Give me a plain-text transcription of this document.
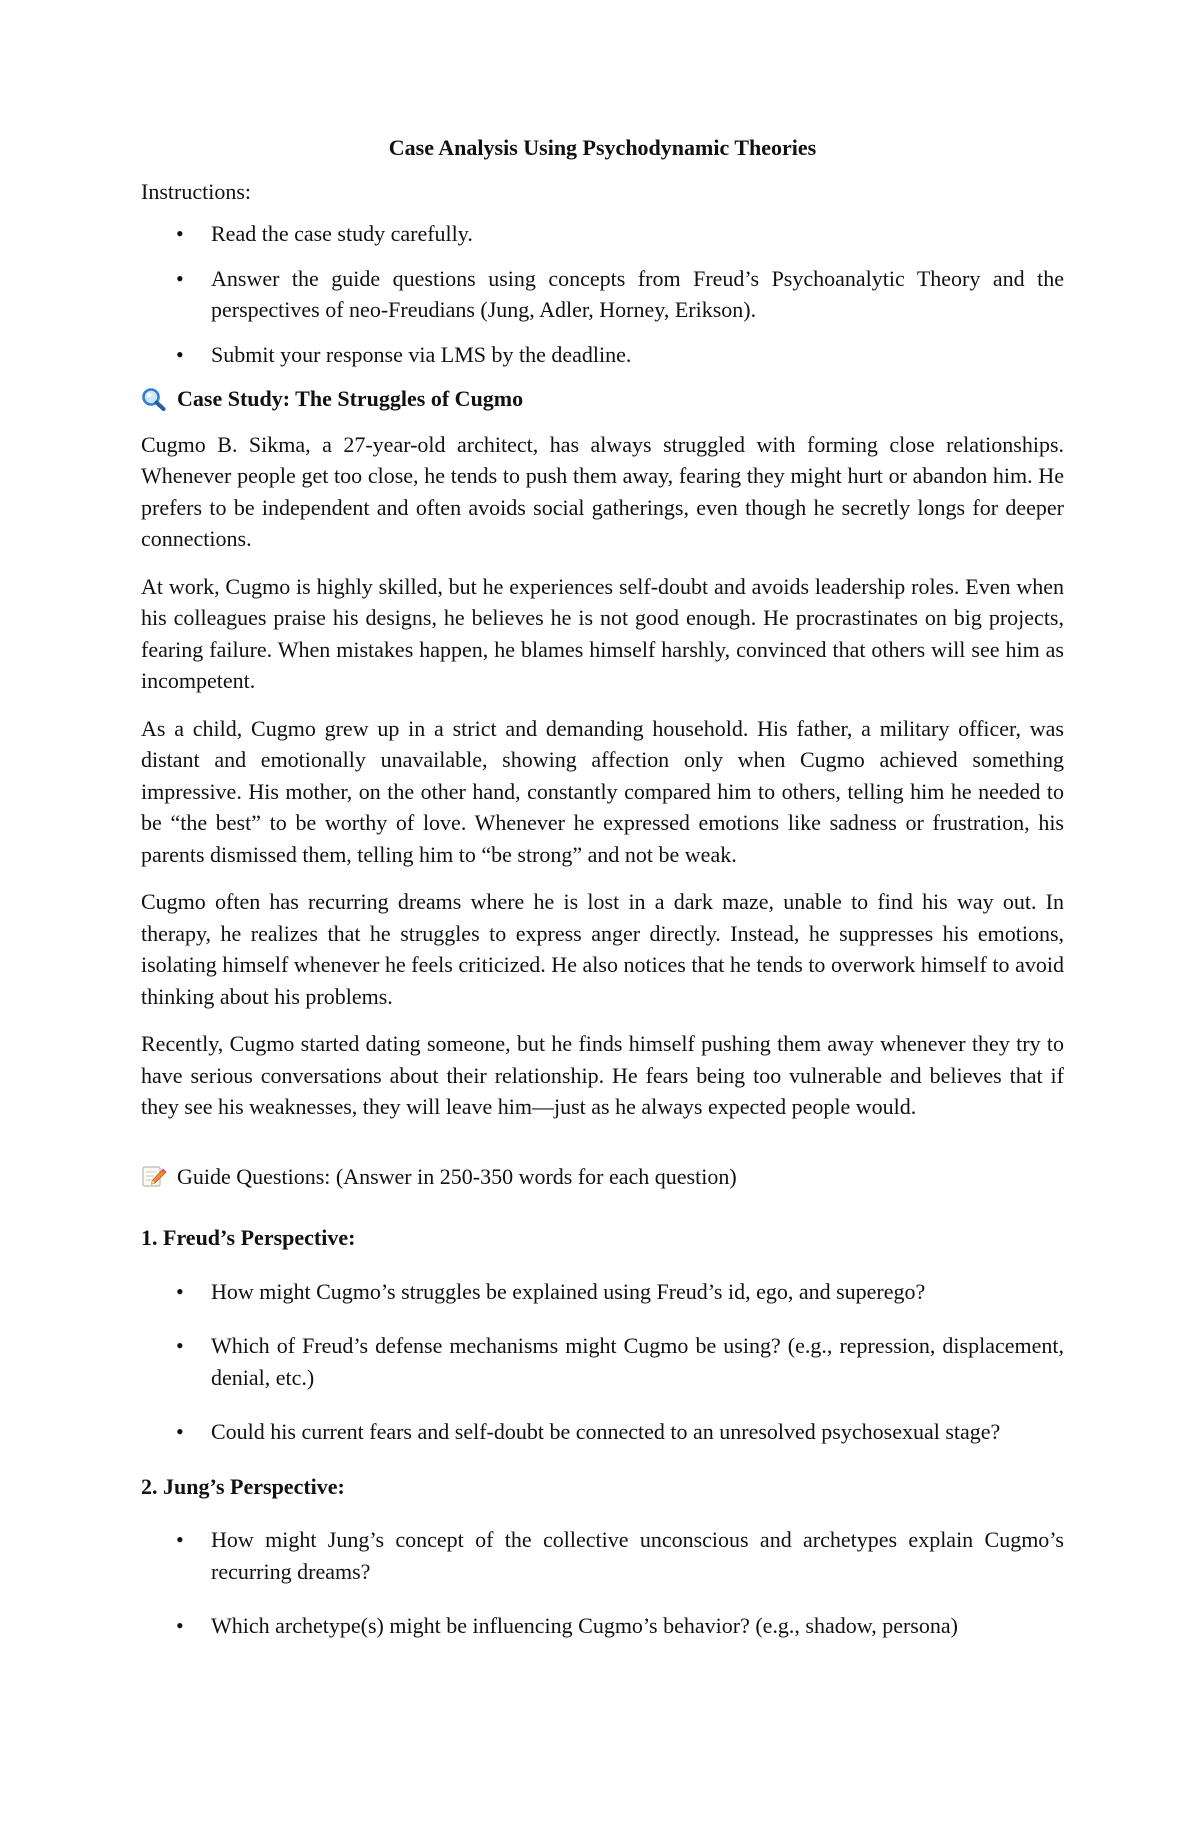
Case Analysis Using Psychodynamic Theories
Instructions:
• Read the case study carefully.
• Answer the guide questions using concepts from Freud’s Psychoanalytic Theory and the perspectives of neo-Freudians (Jung, Adler, Horney, Erikson).
• Submit your response via LMS by the deadline.
Case Study: The Struggles of Cugmo

Cugmo B. Sikma, a 27-year-old architect, has always struggled with forming close relationships. Whenever people get too close, he tends to push them away, fearing they might hurt or abandon him. He prefers to be independent and often avoids social gatherings, even though he secretly longs for deeper connections.

At work, Cugmo is highly skilled, but he experiences self-doubt and avoids leadership roles. Even when his colleagues praise his designs, he believes he is not good enough. He procrastinates on big projects, fearing failure. When mistakes happen, he blames himself harshly, convinced that others will see him as incompetent.

As a child, Cugmo grew up in a strict and demanding household. His father, a military officer, was distant and emotionally unavailable, showing affection only when Cugmo achieved something impressive. His mother, on the other hand, constantly compared him to others, telling him he needed to be “the best” to be worthy of love. Whenever he expressed emotions like sadness or frustration, his parents dismissed them, telling him to “be strong” and not be weak.

Cugmo often has recurring dreams where he is lost in a dark maze, unable to find his way out. In therapy, he realizes that he struggles to express anger directly. Instead, he suppresses his emotions, isolating himself whenever he feels criticized. He also notices that he tends to overwork himself to avoid thinking about his problems.

Recently, Cugmo started dating someone, but he finds himself pushing them away whenever they try to have serious conversations about their relationship. He fears being too vulnerable and believes that if they see his weaknesses, they will leave him—just as he always expected people would.

Guide Questions: (Answer in 250-350 words for each question)
1. Freud’s Perspective:
• How might Cugmo’s struggles be explained using Freud’s id, ego, and superego?
• Which of Freud’s defense mechanisms might Cugmo be using? (e.g., repression, displacement, denial, etc.)
• Could his current fears and self-doubt be connected to an unresolved psychosexual stage?
2. Jung’s Perspective:
• How might Jung’s concept of the collective unconscious and archetypes explain Cugmo’s recurring dreams?
• Which archetype(s) might be influencing Cugmo’s behavior? (e.g., shadow, persona)
